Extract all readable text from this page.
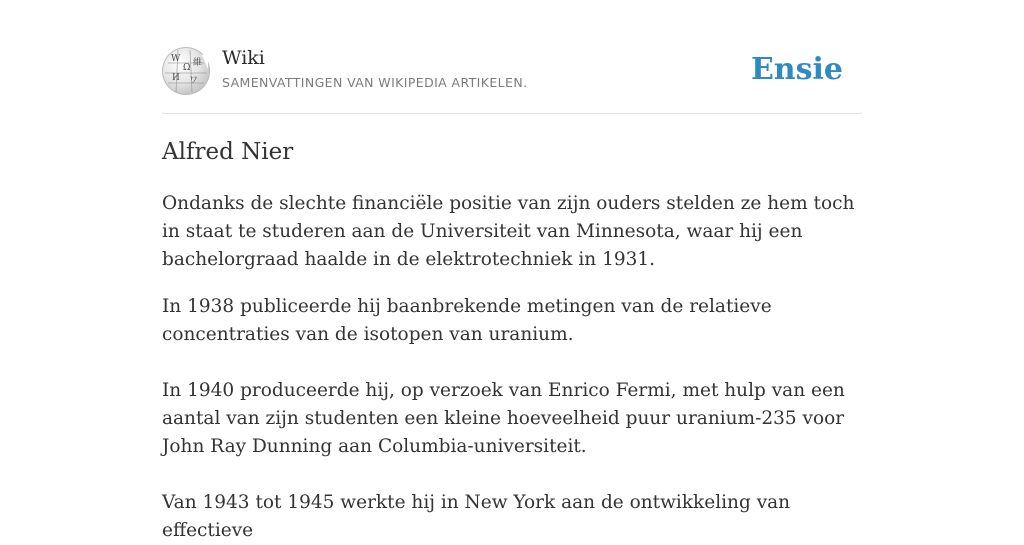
W
Ω
И ワ
維 Wiki
SAMENVATTINGEN VAN WIKIPEDIA ARTIKELEN.	Ensie
Alfred Nier

Ondanks de slechte financiële positie van zijn ouders stelden ze hem toch in staat te studeren aan de Universiteit van Minnesota, waar hij een bachelorgraad haalde in de elektrotechniek in 1931.

In 1938 publiceerde hij baanbrekende metingen van de relatieve concentraties van de isotopen van uranium.

In 1940 produceerde hij, op verzoek van Enrico Fermi, met hulp van een aantal van zijn studenten een kleine hoeveelheid puur uranium-235 voor John Ray Dunning aan Columbia-universiteit.

Van 1943 tot 1945 werkte hij in New York aan de ontwikkeling van effectieve
